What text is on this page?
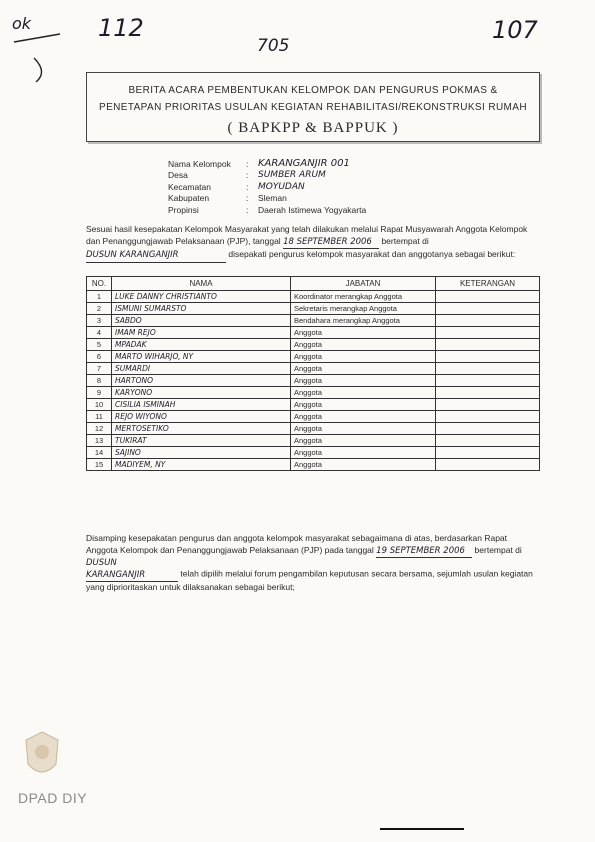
ok	112
705
107
BERITA ACARA PEMBENTUKAN KELOMPOK DAN PENGURUS POKMAS &
PENETAPAN PRIORITAS USULAN KEGIATAN REHABILITASI/REKONSTRUKSI RUMAH
( BAPKPP & BAPPUK )
Nama Kelompok	: KARANGANJIR 001
Desa	:	SUMBER ARUM
Kecamatan	:	MOYUDAN
Kabupaten	:	Sleman
Propinsi	:	Daerah Istimewa Yogyakarta
Sesuai hasil kesepakatan Kelompok Masyarakat yang telah dilakukan melalui Rapat Musyawarah Anggota Kelompok dan Penanggungjawab Pelaksanaan (PJP), tanggal 18 SEPTEMBER 2006 bertempat di
DUSUN KARANGANJIR	disepakati pengurus kelompok masyarakat dan anggotanya sebagai berikut:
NO.	NAMA	JABATAN	KETERANGAN
1	LUKE DANNY CHRISTIANTO	Koordinator merangkap Anggota	
2	ISMUNI SUMARSTO	Sekretaris merangkap Anggota	
3	SABDO	Bendahara merangkap Anggota	
4	IMAM REJO	Anggota	
5	MPADAK	Anggota	
6	MARTO WIHARJO, NY	Anggota	
7	SUMARDI	Anggota	
8	HARTONO	Anggota	
9	KARYONO	Anggota	
10	CISILIA ISMINAH	Anggota	
11	REJO WIYONO	Anggota	
12	MERTOSETIKO	Anggota	
13	TUKIRAT	Anggota	
14	SAJINO	Anggota	
15	MADIYEM, NY	Anggota	
Disamping kesepakatan pengurus dan anggota kelompok masyarakat sebagaimana di atas, berdasarkan Rapat Anggota Kelompok dan Penanggungjawab Pelaksanaan (PJP) pada tanggal 19 SEPTEMBER 2006 bertempat di
DUSUN KARANGANJIR	telah dipilih melalui forum pengambilan keputusan secara bersama, sejumlah usulan kegiatan yang diprioritaskan untuk dilaksanakan sebagai berikut;
DPAD DIY
